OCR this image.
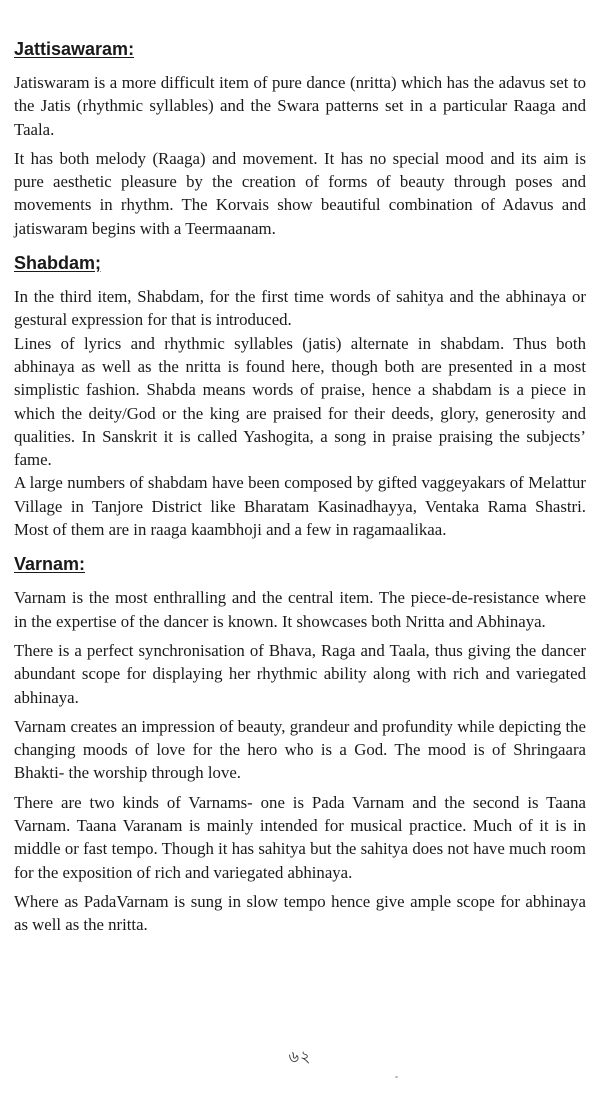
Jattisawaram:

Jatiswaram is a more difficult item of pure dance (nritta) which has the adavus set to the Jatis (rhythmic syllables) and the Swara patterns set in a particular Raaga and Taala.

It has both melody (Raaga) and movement. It has no special mood and its aim is pure aesthetic pleasure by the creation of forms of beauty through poses and movements in rhythm. The Korvais show beautiful combination of Adavus and jatiswaram begins with a Teermaanam.

Shabdam;

In the third item, Shabdam, for the first time words of sahitya and the abhinaya or gestural expression for that is introduced.

Lines of lyrics and rhythmic syllables (jatis) alternate in shabdam. Thus both abhinaya as well as the nritta is found here, though both are presented in a most simplistic fashion. Shabda means words of praise, hence a shabdam is a piece in which the deity/God or the king are praised for their deeds, glory, generosity and qualities. In Sanskrit it is called Yashogita, a song in praise praising the subjects’ fame.

A large numbers of shabdam have been composed by gifted vaggeyakars of Melattur Village in Tanjore District like Bharatam Kasinadhayya, Ventaka Rama Shastri. Most of them are in raaga kaambhoji and a few in ragamaalikaa.

Varnam:

Varnam is the most enthralling and the central item. The piece-de-resistance where in the expertise of the dancer is known. It showcases both Nritta and Abhinaya.

There is a perfect synchronisation of Bhava, Raga and Taala, thus giving the dancer abundant scope for displaying her rhythmic ability along with rich and variegated abhinaya.

Varnam creates an impression of beauty, grandeur and profundity while depicting the changing moods of love for the hero who is a God. The mood is of Shringaara Bhakti- the worship through love.

There are two kinds of Varnams- one is Pada Varnam and the second is Taana Varnam. Taana Varanam is mainly intended for musical practice. Much of it is in middle or fast tempo. Though it has sahitya but the sahitya does not have much room for the exposition of rich and variegated abhinaya.

Where as PadaVarnam is sung in slow tempo hence give ample scope for abhinaya as well as the nritta.

৬২
